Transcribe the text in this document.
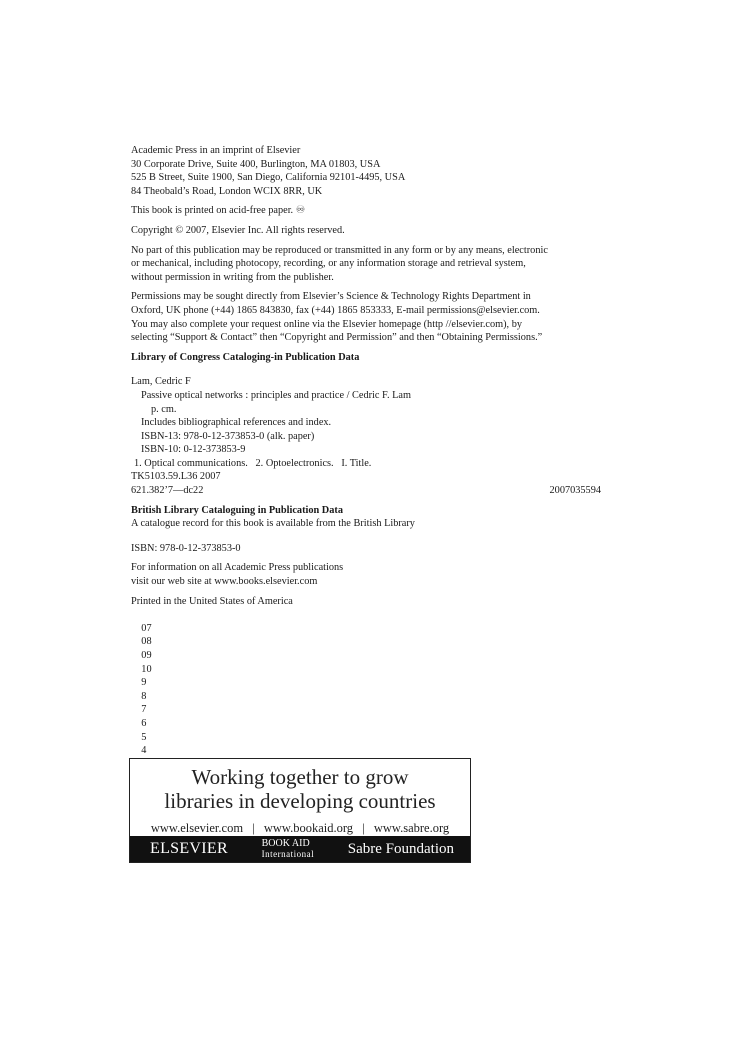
Academic Press in an imprint of Elsevier
30 Corporate Drive, Suite 400, Burlington, MA 01803, USA
525 B Street, Suite 1900, San Diego, California 92101-4495, USA
84 Theobald’s Road, London WCIX 8RR, UK
This book is printed on acid-free paper. ♾
Copyright © 2007, Elsevier Inc. All rights reserved.
No part of this publication may be reproduced or transmitted in any form or by any means, electronic
or mechanical, including photocopy, recording, or any information storage and retrieval system,
without permission in writing from the publisher.
Permissions may be sought directly from Elsevier’s Science & Technology Rights Department in
Oxford, UK phone (+44) 1865 843830, fax (+44) 1865 853333, E-mail permissions@elsevier.com.
You may also complete your request online via the Elsevier homepage (http //elsevier.com), by
selecting “Support & Contact” then “Copyright and Permission” and then “Obtaining Permissions.”
Library of Congress Cataloging-in Publication Data
Lam, Cedric F
Passive optical networks : principles and practice / Cedric F. Lam
p. cm.
Includes bibliographical references and index.
ISBN-13: 978-0-12-373853-0 (alk. paper)
ISBN-10: 0-12-373853-9
1. Optical communications.   2. Optoelectronics.   I. Title.
TK5103.59.L36 2007
621.382’7—dc22	2007035594
British Library Cataloguing in Publication Data
A catalogue record for this book is available from the British Library
ISBN: 978-0-12-373853-0
For information on all Academic Press publications
visit our web site at www.books.elsevier.com
Printed in the United States of America

07
08
09
10
9
8
7
6
5
4

Working together to grow
libraries in developing countries
www.elsevier.com | www.bookaid.org | www.sabre.org
ELSEVIER	BOOK AID
International Sabre Foundation
